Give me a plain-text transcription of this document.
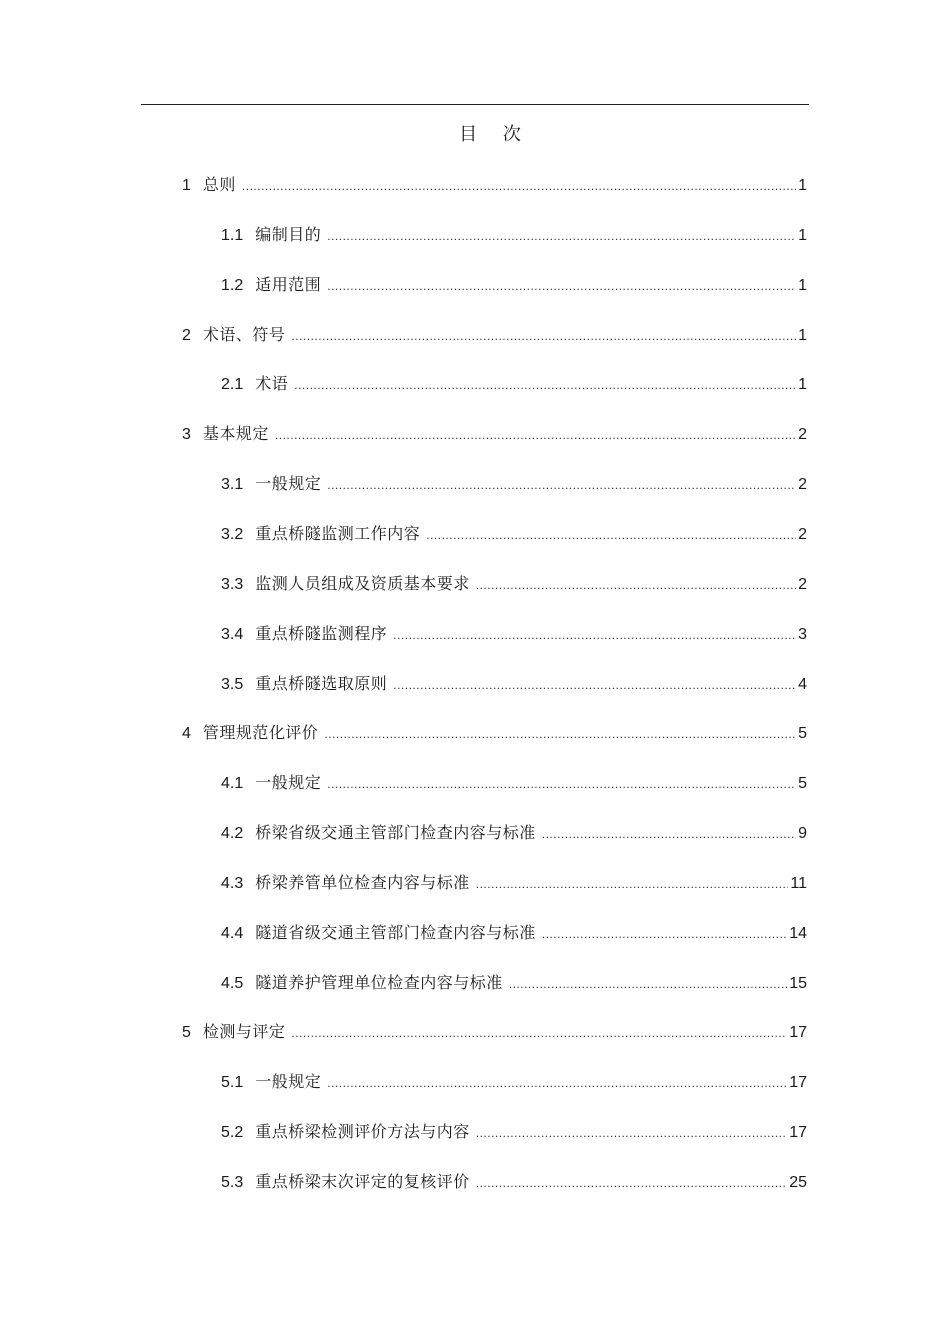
目 次
1 总则 .....	1
1.1 编制目的 .....	1
1.2 适用范围 .....	1
2 术语、符号 .....	1
2.1 术语 .....	1
3 基本规定 .....	2
3.1 一般规定 .....	2
3.2 重点桥隧监测工作内容 .....	2
3.3 监测人员组成及资质基本要求 .....	2
3.4 重点桥隧监测程序 .....	3
3.5 重点桥隧选取原则 .....	4
4 管理规范化评价 .....	5
4.1 一般规定 .....	5
4.2 桥梁省级交通主管部门检查内容与标准 .....	9
4.3 桥梁养管单位检查内容与标准 .....	11
4.4 隧道省级交通主管部门检查内容与标准 .....	14
4.5 隧道养护管理单位检查内容与标准 .....	15
5 检测与评定 .....	17
5.1 一般规定 .....	17
5.2 重点桥梁检测评价方法与内容 .....	17
5.3 重点桥梁末次评定的复核评价 .....	25
